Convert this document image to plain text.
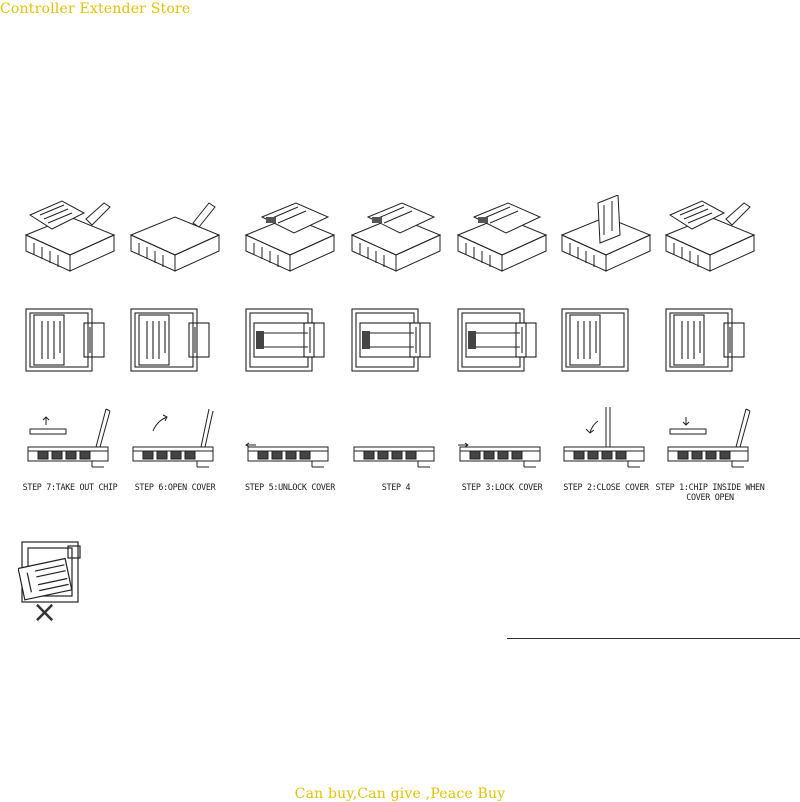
Controller Extender Store
STEP 7:TAKE OUT CHIP	STEP 6:OPEN COVER	STEP 5:UNLOCK COVER	STEP 4	STEP 3:LOCK COVER	STEP 2:CLOSE COVER STEP 1:CHIP INSIDE WHEN COVER OPEN
×
Can buy,Can give ,Peace Buy
